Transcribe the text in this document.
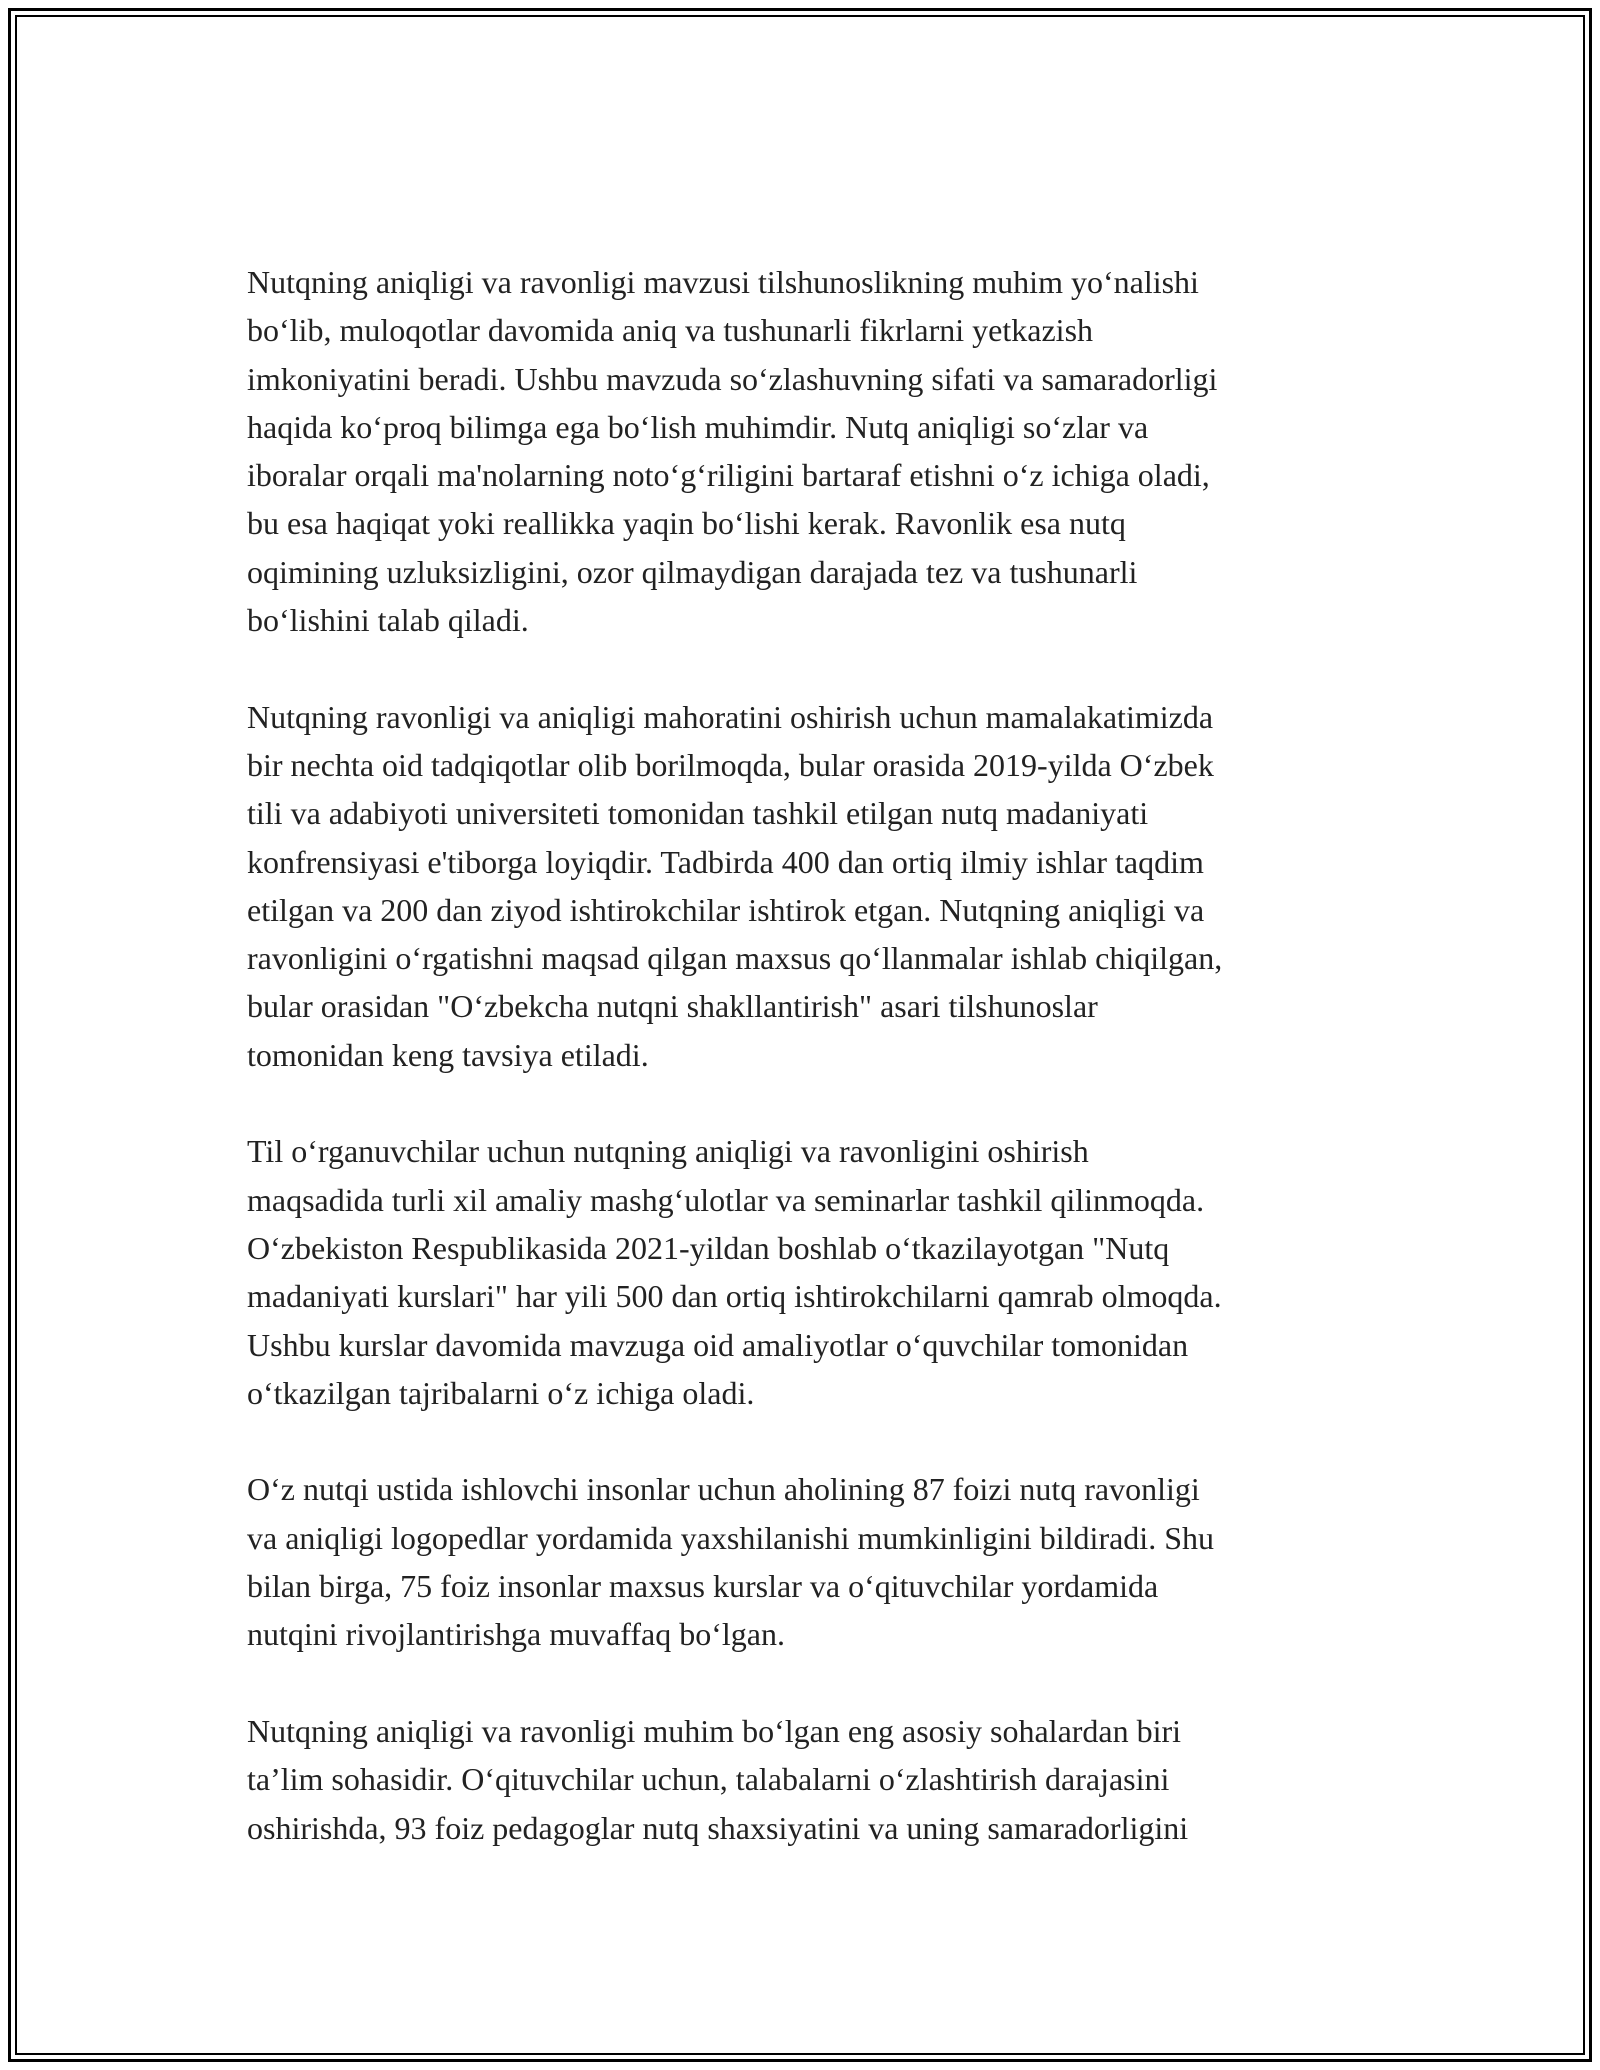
Nutqning aniqligi va ravonligi mavzusi tilshunoslikning muhim yoʻnalishi
boʻlib, muloqotlar davomida aniq va tushunarli fikrlarni yetkazish
imkoniyatini beradi. Ushbu mavzuda soʻzlashuvning sifati va samaradorligi
haqida koʻproq bilimga ega boʻlish muhimdir. Nutq aniqligi soʻzlar va
iboralar orqali ma'nolarning notoʻgʻriligini bartaraf etishni oʻz ichiga oladi,
bu esa haqiqat yoki reallikka yaqin boʻlishi kerak. Ravonlik esa nutq
oqimining uzluksizligini, ozor qilmaydigan darajada tez va tushunarli
boʻlishini talab qiladi.

Nutqning ravonligi va aniqligi mahoratini oshirish uchun mamalakatimizda
bir nechta oid tadqiqotlar olib borilmoqda, bular orasida 2019-yilda Oʻzbek
tili va adabiyoti universiteti tomonidan tashkil etilgan nutq madaniyati
konfrensiyasi e'tiborga loyiqdir. Tadbirda 400 dan ortiq ilmiy ishlar taqdim
etilgan va 200 dan ziyod ishtirokchilar ishtirok etgan. Nutqning aniqligi va
ravonligini oʻrgatishni maqsad qilgan maxsus qoʻllanmalar ishlab chiqilgan,
bular orasidan "Oʻzbekcha nutqni shakllantirish" asari tilshunoslar
tomonidan keng tavsiya etiladi.

Til oʻrganuvchilar uchun nutqning aniqligi va ravonligini oshirish
maqsadida turli xil amaliy mashgʻulotlar va seminarlar tashkil qilinmoqda.
Oʻzbekiston Respublikasida 2021-yildan boshlab oʻtkazilayotgan "Nutq
madaniyati kurslari" har yili 500 dan ortiq ishtirokchilarni qamrab olmoqda.
Ushbu kurslar davomida mavzuga oid amaliyotlar oʻquvchilar tomonidan
oʻtkazilgan tajribalarni oʻz ichiga oladi.

Oʻz nutqi ustida ishlovchi insonlar uchun aholining 87 foizi nutq ravonligi
va aniqligi logopedlar yordamida yaxshilanishi mumkinligini bildiradi. Shu
bilan birga, 75 foiz insonlar maxsus kurslar va oʻqituvchilar yordamida
nutqini rivojlantirishga muvaffaq boʻlgan.

Nutqning aniqligi va ravonligi muhim boʻlgan eng asosiy sohalardan biri
taʼlim sohasidir. Oʻqituvchilar uchun, talabalarni oʻzlashtirish darajasini
oshirishda, 93 foiz pedagoglar nutq shaxsiyatini va uning samaradorligini
